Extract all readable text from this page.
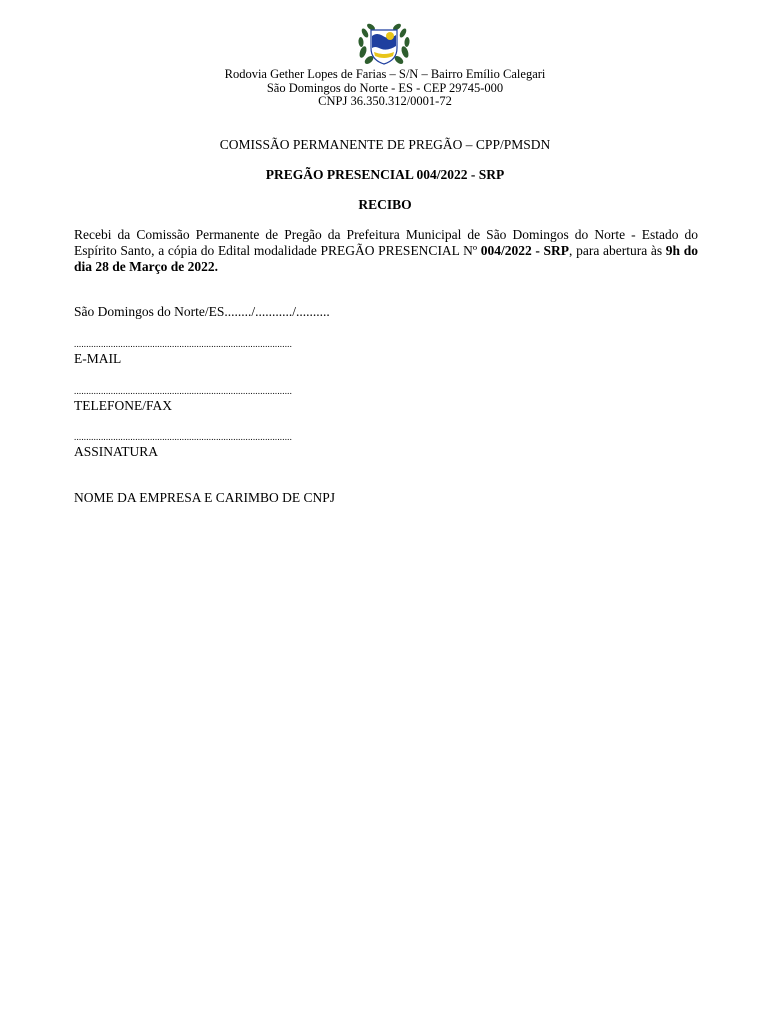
Rodovia Gether Lopes de Farias – S/N – Bairro Emílio Calegari
São Domingos do Norte - ES - CEP 29745-000
CNPJ 36.350.312/0001-72
COMISSÃO PERMANENTE DE PREGÃO – CPP/PMSDN
PREGÃO PRESENCIAL 004/2022 - SRP
RECIBO
Recebi da Comissão Permanente de Pregão da Prefeitura Municipal de São Domingos do Norte - Estado do Espírito Santo, a cópia do Edital modalidade PREGÃO PRESENCIAL Nº 004/2022 - SRP, para abertura às 9h do dia 28 de Março de 2022.
São Domingos do Norte/ES......../.........../..........
.........................................................................................
E-MAIL
.........................................................................................
TELEFONE/FAX
.........................................................................................
ASSINATURA
NOME DA EMPRESA E CARIMBO DE CNPJ
